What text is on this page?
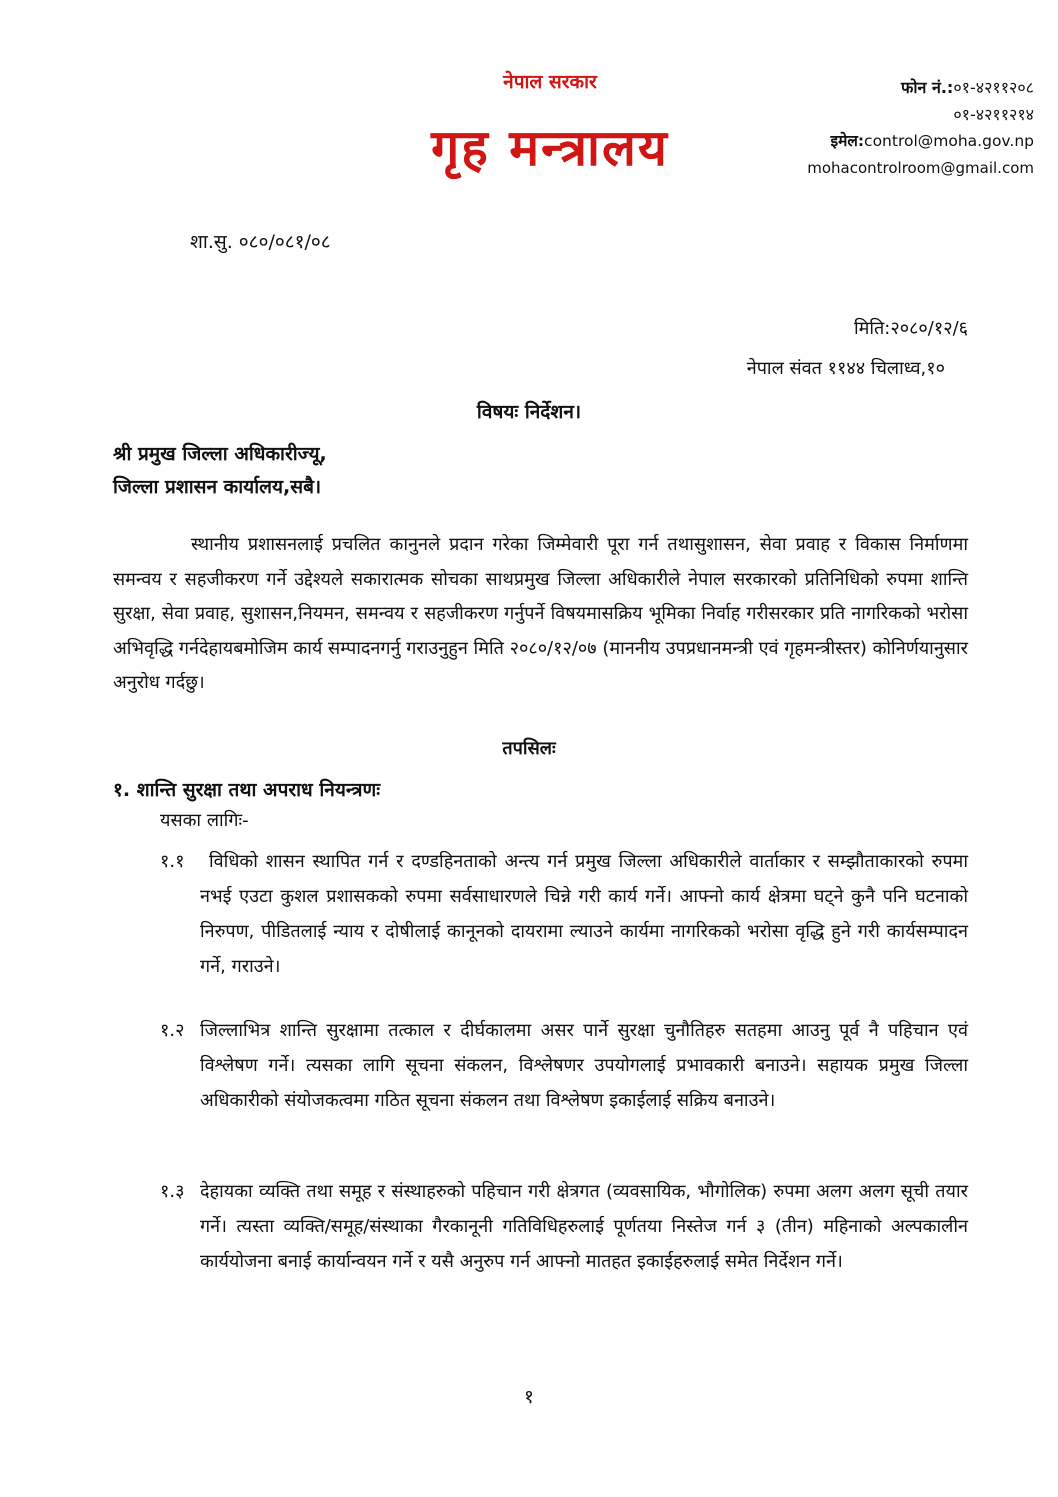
नेपाल सरकार
गृह मन्त्रालय
फोन नं.:०१-४२११२०८
०१-४२११२१४
इमेल:control@moha.gov.np
mohacontrolroom@gmail.com
शा.सु. ०८०/०८१/०८
मिति:२०८०/१२/६
नेपाल संवत ११४४ चिलाध्व,१०
विषयः निर्देशन।
श्री प्रमुख जिल्ला अधिकारीज्यू,
जिल्ला प्रशासन कार्यालय,सबै।
स्थानीय प्रशासनलाई प्रचलित कानुनले प्रदान गरेका जिम्मेवारी पूरा गर्न तथासुशासन, सेवा प्रवाह र विकास निर्माणमा समन्वय र सहजीकरण गर्ने उद्देश्यले सकारात्मक सोचका साथप्रमुख जिल्ला अधिकारीले नेपाल सरकारको प्रतिनिधिको रुपमा शान्ति सुरक्षा, सेवा प्रवाह, सुशासन,नियमन, समन्वय र सहजीकरण गर्नुपर्ने विषयमासक्रिय भूमिका निर्वाह गरीसरकार प्रति नागरिकको भरोसा अभिवृद्धि गर्नदेहायबमोजिम कार्य सम्पादनगर्नु गराउनुहुन मिति २०८०/१२/०७ (माननीय उपप्रधानमन्त्री एवं गृहमन्त्रीस्तर) कोनिर्णयानुसार अनुरोध गर्दछु।
तपसिलः
१. शान्ति सुरक्षा तथा अपराध नियन्त्रणः
यसका लागिः-
१.१	विधिको शासन स्थापित गर्न र दण्डहिनताको अन्त्य गर्न प्रमुख जिल्ला अधिकारीले वार्ताकार र सम्झौताकारको रुपमा नभई एउटा कुशल प्रशासकको रुपमा सर्वसाधारणले चिन्ने गरी कार्य गर्ने। आफ्नो कार्य क्षेत्रमा घट्ने कुनै पनि घटनाको निरुपण, पीडितलाई न्याय र दोषीलाई कानूनको दायरामा ल्याउने कार्यमा नागरिकको भरोसा वृद्धि हुने गरी कार्यसम्पादन गर्ने, गराउने।
१.२ जिल्लाभित्र शान्ति सुरक्षामा तत्काल र दीर्घकालमा असर पार्ने सुरक्षा चुनौतिहरु सतहमा आउनु पूर्व नै पहिचान एवं विश्लेषण गर्ने। त्यसका लागि सूचना संकलन, विश्लेषणर उपयोगलाई प्रभावकारी बनाउने। सहायक प्रमुख जिल्ला अधिकारीको संयोजकत्वमा गठित सूचना संकलन तथा विश्लेषण इकाईलाई सक्रिय बनाउने।
१.३ देहायका व्यक्ति तथा समूह र संस्थाहरुको पहिचान गरी क्षेत्रगत (व्यवसायिक, भौगोलिक) रुपमा अलग अलग सूची तयार गर्ने। त्यस्ता व्यक्ति/समूह/संस्थाका गैरकानूनी गतिविधिहरुलाई पूर्णतया निस्तेज गर्न ३ (तीन) महिनाको अल्पकालीन कार्ययोजना बनाई कार्यान्वयन गर्ने र यसै अनुरुप गर्न आफ्नो मातहत इकाईहरुलाई समेत निर्देशन गर्ने।
१
